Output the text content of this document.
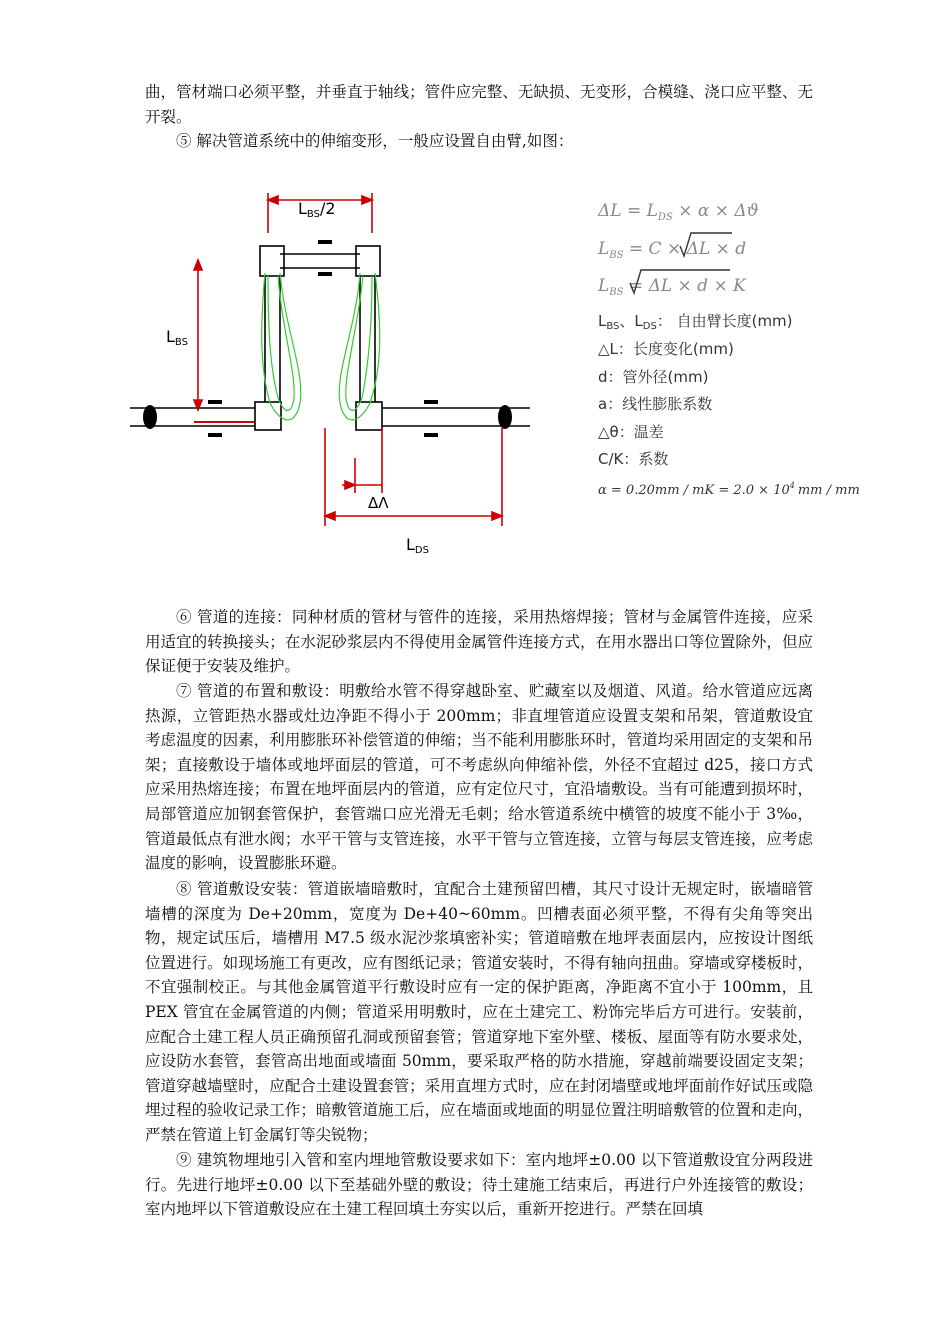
曲，管材端口必须平整，并垂直于轴线；管件应完整、无缺损、无变形，合模缝、浇口应平整、无开裂。

⑤ 解决管道系统中的伸缩变形，一般应设置自由臂,如图：

LBS/2
LBS
ΔΛ
LDS
$\Delta L = L_{DS} \times \alpha \times \Delta ϑ$
$L_{BS} = C \times \Delta L \times d$
$L_{BS} = \Delta L \times d \times K$
$L_{BS}$、$L_{DS}$： 自由臂长度(mm)
△L：长度变化(mm)
d：管外径(mm)
a：线性膨胀系数
△θ：温差
C/K：系数
α = 0.20mm / mK = $2.0 \times 10^4$ mm / mm

⑥ 管道的连接：同种材质的管材与管件的连接，采用热熔焊接；管材与金属管件连接，应采用适宜的转换接头；在水泥砂浆层内不得使用金属管件连接方式，在用水器出口等位置除外，但应保证便于安装及维护。

⑦ 管道的布置和敷设：明敷给水管不得穿越卧室、贮藏室以及烟道、风道。给水管道应远离热源，立管距热水器或灶边净距不得小于 200mm；非直埋管道应设置支架和吊架，管道敷设宜考虑温度的因素，利用膨胀环补偿管道的伸缩；当不能利用膨胀环时，管道均采用固定的支架和吊架；直接敷设于墙体或地坪面层的管道，可不考虑纵向伸缩补偿，外径不宜超过 d25，接口方式应采用热熔连接；布置在地坪面层内的管道，应有定位尺寸，宜沿墙敷设。当有可能遭到损坏时，局部管道应加钢套管保护，套管端口应光滑无毛刺；给水管道系统中横管的坡度不能小于 3‰，管道最低点有泄水阀；水平干管与支管连接，水平干管与立管连接，立管与每层支管连接，应考虑温度的影响，设置膨胀环避。

⑧ 管道敷设安装：管道嵌墙暗敷时，宜配合土建预留凹槽，其尺寸设计无规定时，嵌墙暗管墙槽的深度为 De+20mm，宽度为 De+40~60mm。凹槽表面必须平整，不得有尖角等突出物，规定试压后，墙槽用 M7.5 级水泥沙浆填密补实；管道暗敷在地坪表面层内，应按设计图纸位置进行。如现场施工有更改，应有图纸记录；管道安装时，不得有轴向扭曲。穿墙或穿楼板时，不宜强制校正。与其他金属管道平行敷设时应有一定的保护距离，净距离不宜小于 100mm，且 PEX 管宜在金属管道的内侧；管道采用明敷时，应在土建完工、粉饰完毕后方可进行。安装前，应配合土建工程人员正确预留孔洞或预留套管；管道穿地下室外壁、楼板、屋面等有防水要求处，应设防水套管，套管高出地面或墙面 50mm，要采取严格的防水措施，穿越前端要设固定支架；管道穿越墙壁时，应配合土建设置套管；采用直埋方式时，应在封闭墙壁或地坪面前作好试压或隐埋过程的验收记录工作；暗敷管道施工后，应在墙面或地面的明显位置注明暗敷管的位置和走向，严禁在管道上钉金属钉等尖锐物；

⑨ 建筑物埋地引入管和室内埋地管敷设要求如下：室内地坪±0.00 以下管道敷设宜分两段进行。先进行地坪±0.00 以下至基础外壁的敷设；待土建施工结束后，再进行户外连接管的敷设；室内地坪以下管道敷设应在土建工程回填土夯实以后，重新开挖进行。严禁在回填
